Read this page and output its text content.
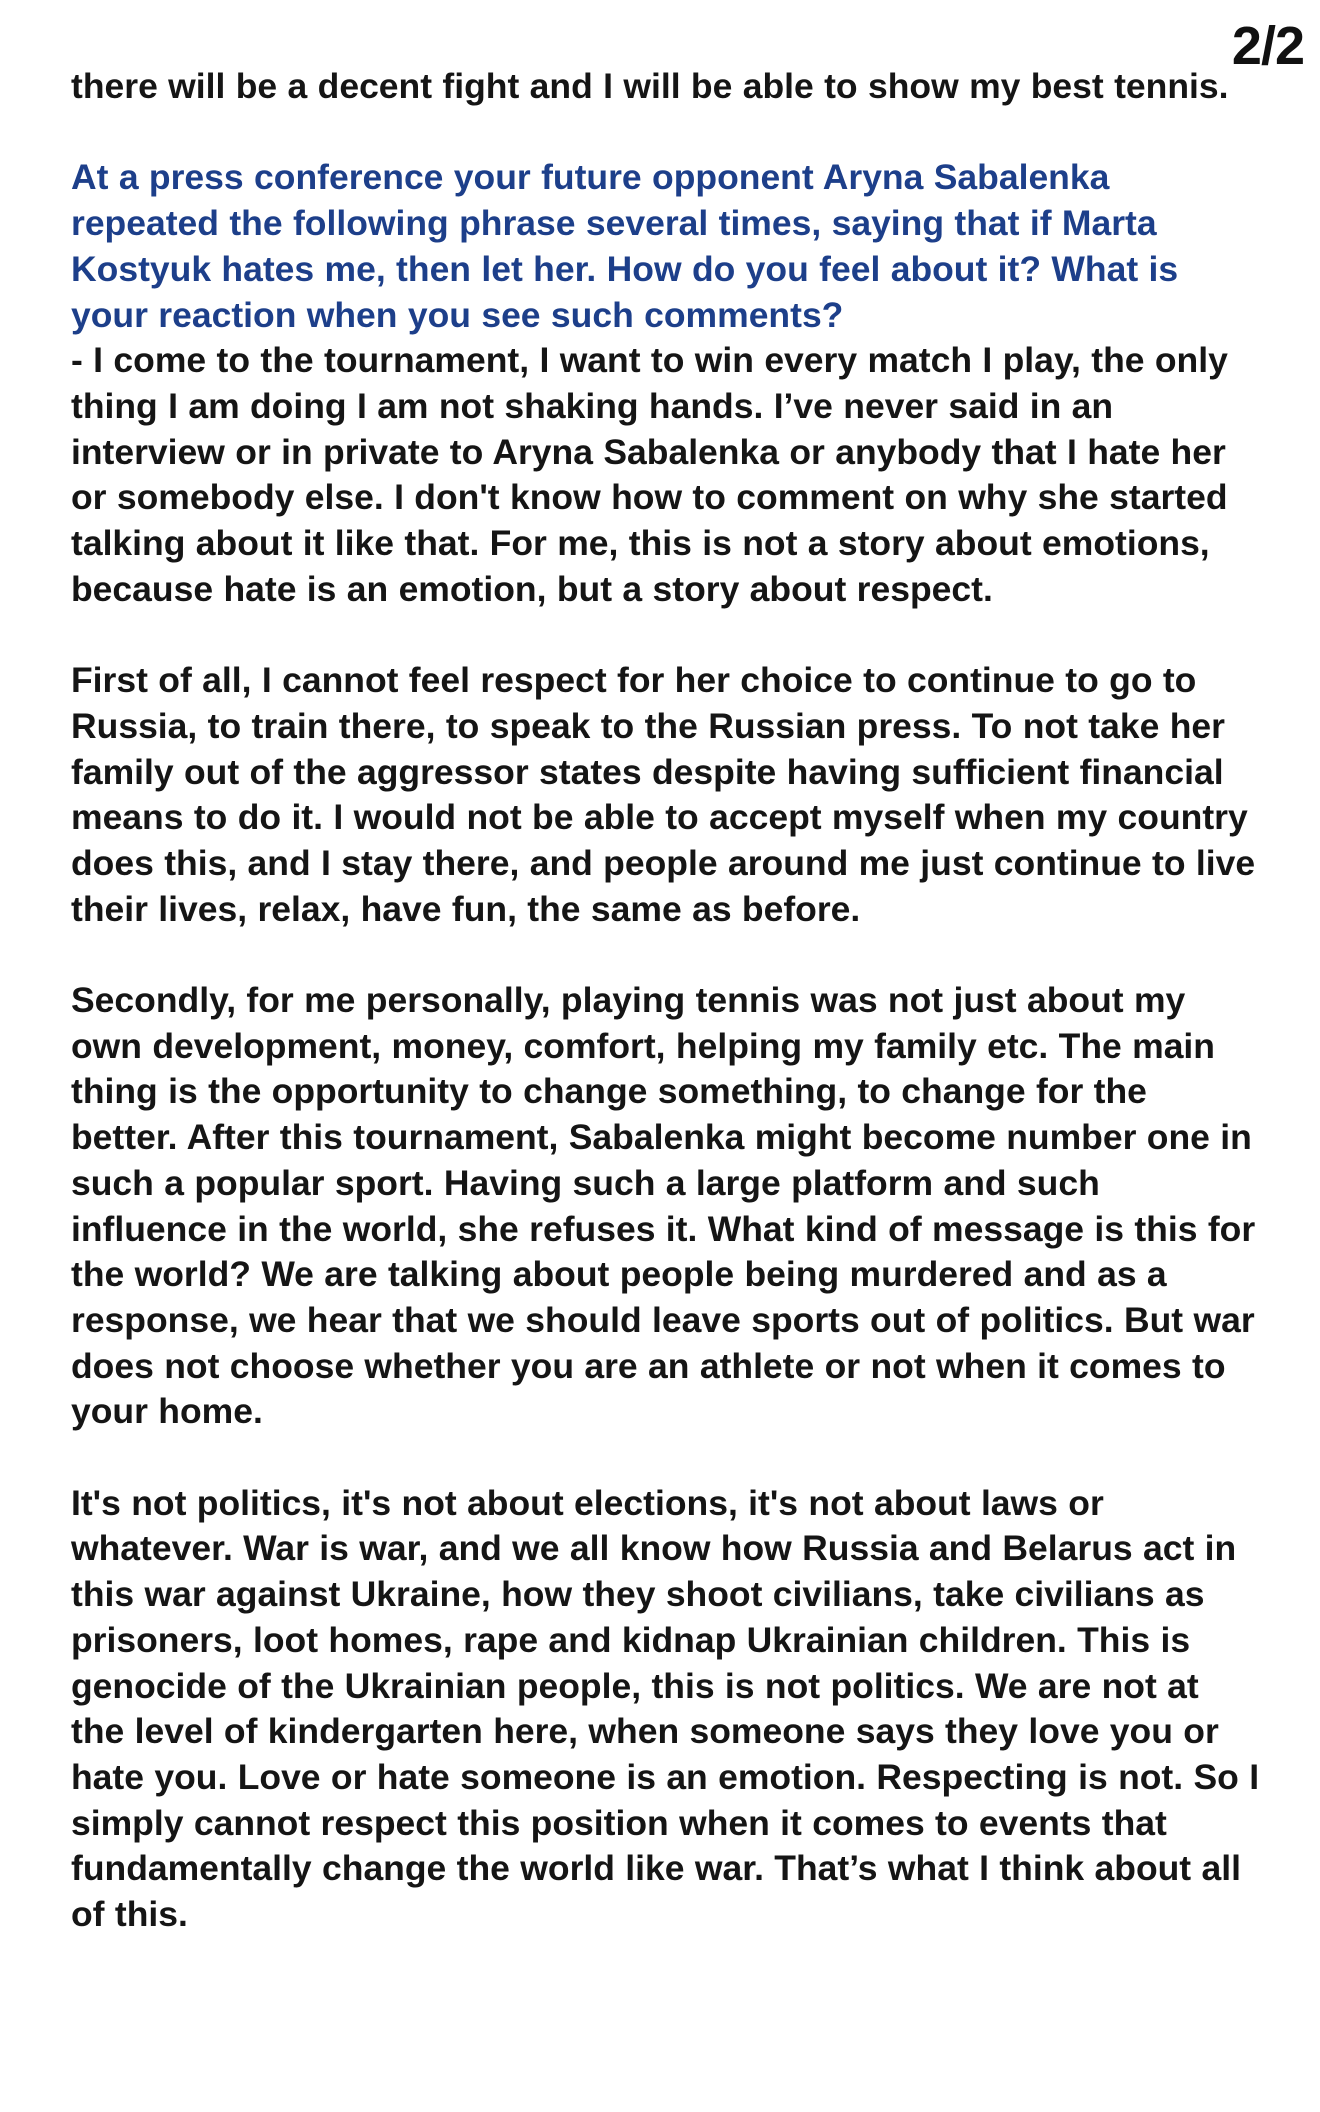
2/2

there will be a decent fight and I will be able to show my best tennis.

At a press conference your future opponent Aryna Sabalenka repeated the following phrase several times, saying that if Marta Kostyuk hates me, then let her. How do you feel about it? What is your reaction when you see such comments?

- I come to the tournament, I want to win every match I play, the only thing I am doing I am not shaking hands. I’ve never said in an interview or in private to Aryna Sabalenka or anybody that I hate her or somebody else. I don't know how to comment on why she started talking about it like that. For me, this is not a story about emotions, because hate is an emotion, but a story about respect.

First of all, I cannot feel respect for her choice to continue to go to Russia, to train there, to speak to the Russian press. To not take her family out of the aggressor states despite having sufficient financial means to do it. I would not be able to accept myself when my country does this, and I stay there, and people around me just continue to live their lives, relax, have fun, the same as before.

Secondly, for me personally, playing tennis was not just about my own development, money, comfort, helping my family etc. The main thing is the opportunity to change something, to change for the better. After this tournament, Sabalenka might become number one in such a popular sport. Having such a large platform and such influence in the world, she refuses it. What kind of message is this for the world? We are talking about people being murdered and as a response, we hear that we should leave sports out of politics. But war does not choose whether you are an athlete or not when it comes to your home.

It's not politics, it's not about elections, it's not about laws or whatever. War is war, and we all know how Russia and Belarus act in this war against Ukraine, how they shoot civilians, take civilians as prisoners, loot homes, rape and kidnap Ukrainian children. This is genocide of the Ukrainian people, this is not politics. We are not at the level of kindergarten here, when someone says they love you or hate you. Love or hate someone is an emotion. Respecting is not. So I simply cannot respect this position when it comes to events that fundamentally change the world like war. That’s what I think about all of this.
